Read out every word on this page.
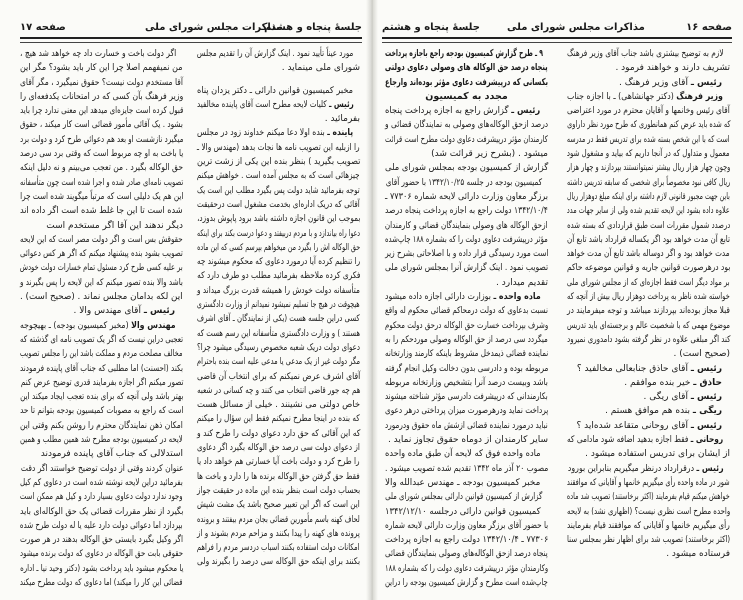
صفحه ۱۷	مذاکرات مجلس شورای ملی
جلسهٔ پنجاه و هشتم جلسهٔ پنجاه و هشتم	مذاکرات مجلس شورای ملی	صفحه ۱۶
اگر دولت باخت و خسارت داد چه خواهد شد هیچ ،
من نمیفهمم اصلا چرا این کار باید بشود؟ مگر این
آقا مستخدم دولت نیست؟ حقوق نمیگیرد ، مگر آقای
وزیر فرهنگ بآن کسی که در امتحانات یکدفعه‌ای را
قبول کرده است جایزه‌ای میدهد این معنی ندارد چرا باید
بشود . یک آقائی مأمور قضائی است کار میکند ، حقوق
میگیرد نازشست او بعد هم دعوائی طرح کرد و دولت برد
یا باخت به او چه مربوط است که وقتی برد سی درصد
حق الوکاله بگیرد . من تعجب می‌بینم و نه دلیل اینکه
تصویب نامه‌ای صادر شده و اجرا شده است چون متأسفانه
این هم یک دلیلی است که مرتباً میگویند شده است چرا
شده است تا این جا غلط شده است اگر داده اند
دیگر ندهند این آقا اگر مستخدم است
حقوقش بس است و اگر دولت مصر است که این لایحه
تصویب بشود بنده پیشنهاد میکنم که اگر هر کس دعوائی
بر علیه کسی طرح کرد مسئول تمام خسارات دولت خودش
باشد والا بنده تصور میکنم که این لایحه را پس بگیرند و
این لکه بدامان مجلس نماند . (صحیح است) .
رئیس ـ آقای مهندس والا .
مهندس والا (مخبر کمیسیون بودجه) ـ بهیچوجه
تعجبی دراین نیست که اگر یک تصویب نامه ای گذشته که
مخالف مصلحت مردم و مملکت باشد این را مجلس تصویب
بکند (احسنت) اما مطلبی که جناب آقای پاینده فرمودند
تصور میکنم اگر اجازه بفرمایند قدری توضیح عرض کنم
بهتر باشد ولی آنچه که برای بنده تعجب ایجاد میکند این
است که راجع به مصوبات کمیسیون بودجه بتوانم تا حد
امکان ذهن نمایندگان محترم را روشن بکنم وقتی این
لایحه در کمیسیون بودجه مطرح شد همین مطلب و همین
استدلالی که جناب آقای پاینده فرمودند
عنوان کردند وقتی از دولت توضیح خواستند اگر دقت
بفرمائید دراین لایحه نوشته شده است در دعاوی کم کیل
وجود ندارد دولت دعاوی بسیار دارد و کیل هم ممکن است
بگیرد از نظر مقررات قضائی یک حق الوکاله‌ای باید
بپردازد اما دعوائی دولت دارد علیه یا له دولت طرح شده
اگر وکیل بگیرد بایستی حق الوکاله بدهند در هر صورت
حقوقی بابت حق الوکاله در دعاوی که دولت برنده میشود
یا محکوم میشود باید پرداخت بشود (دکتر وحید نیا ـ اداره
قضائی این کار را میکند) اما دعاوی که دولت مطرح میکند
مورد عیناً تأیید نمود . اینک گزارش آن را تقدیم مجلس
شورای ملی مینماید .
مخبر کمیسیون قوانین دارائی ـ دکتر یزدان پناه
رئیس ـ کلیات لایحه مطرح است آقای پاینده مخالفید
بفرمائید .
پاینده ـ بنده اولا دعا میکنم خداوند زود در مجلس
را ازبلیه این تصویب نامه ها نجات بدهد (مهندس والا ـ
تصویب بگیرید ) بنظر بنده این یکی از زشت ترین
چیزهائی است که به مجلس آمده است . خواهش میکنم
توجه بفرمائید شاید دولت پس بگیرد مطلب این است یک
آقائی که دریک اداره‌ای بخدمت مشغول است درحقیقت
بموجب این قانون اجازه داشته باشد برود پاپوش بدوزد،
دعوا راه بیاندازد و با مردم دربیفتد و دعوا درست بکند برای اینکه
حق الوکاله اش را بگیرد من میخواهم بپرسم کسی که این ماده
را تنظیم کرده آیا درمورد دعاوی که محکوم میشوند چه
فکری کرده ملاحظه بفرمائید مطلب دو طرف دارد که
متأسفانه دولت خودش را همیشه قدرت بزرگ میداند و
هیچوقت در هیچ جا تسلیم نمیشود نمیدانم از وزارت دادگستری
کسی دراین جلسه هست (یکی از نمایندگان ـ آقای اشرف
هستند ) و وزارت دادگستری متأسفانه این رسم هست که
دعوای دولت دریک شعبه مخصوص رسیدگی میشود چرا؟
مگر دولت غیر از یک مدعی یا مدعی علیه است بنده باحترام
آقای اشرف عرض نمیکنم که برای انتخاب آن قاضی
هم چه جور قاضی انتخاب می کنند و چه کسانی در شعبه
خاص دولتی می نشینند . خیلی از مسائل هست
که بنده در اینجا مطرح نمیکنم فقط این سؤال را میکنم
که این آقائی که حق دارد دعوای دولت را طرح کند و
از دعوای دولت سی درصد حق الوکاله بگیرد اگر دعاوی
را طرح کرد و دولت باخت آیا خسارتی هم خواهد داد یا
فقط حق گرفتن حق الوکاله برنده ها را دارد و باخت ها
بحساب دولت است بنظر بنده این ماده در حقیقت جواز
این است که اگر این تعبیر صحیح باشد یک مشت شپش
لحاف کهنه باسم مأمورین قضائی بجان مردم بیفتند و برونده
پرونده های کهنه را پیدا بکنند و مزاحم مردم بشوند و از
امکانات دولت استفاده بکنند اسباب دردسر مردم را فراهم
بکنند برای اینکه حق الوکاله سی درصد را بگیرند ولی
۹ ـ طرح گزارش کمیسیون بودجه راجع باجازه پرداخت
پنجاه درصد حق الوکاله های وصولی دعاوی دولتی
بکسانی که درپیشرفت دعاوی مؤثر بوده‌اند وارجاع
مجدد به کمیسیون
رئیس ـ گزارش راجع به اجازه پرداخت پنجاه
درصد ازحق الوکاله‌های وصولی به نمایندگان قضائی و
کارمندان مؤثر درپیشرفت دعاوی دولت مطرح است قرائت
میشود . (بشرح زیر قرائت شد)
گزارش از کمیسیون بودجه بمجلس شورای ملی
کمیسیون بودجه در جلسه ۱۳۴۲/۱۰/۲۵ با حضور آقای
برزگر معاون وزارت دارائی لایحه شماره ۷۷۳۰۶ ـ
۱۳۴۲/۱۰/۴ دولت راجع به اجازه پرداخت پنجاه درصد
ازحق الوکاله های وصولی بنمایندگان قضائی و کارمندان
مؤثر درپیشرفت دعاوی دولت را که بشماره ۱۸۸ چاپ‌شده
است مورد رسیدگی قرار داده و با اصلاحاتی بشرح زیر
تصویب نمود . اینک گزارش آنرا بمجلس شورای ملی
تقدیم میدارد .
ماده واحده ـ بوزارت دارائی اجازه داده میشود
نسبت بدعاوی که دولت درمحاکم قضائی محکوم له واقع
وشرف بپرداخت خسارت حق الوکاله درحق دولت محکوم
میگردد سی درصد از حق الوکاله وصولی موردحکم را به
نماینده قضائی ذیمدخل مشروط باینکه کارمند وزارتخانه
مربوطه بوده و دادرسی بدون دخالت وکیل انجام گرفته
باشد وبیست درصد آنرا بتشخیص وزارتخانه مربوطه
بکارمندانی که درپیشرفت دادرسی مؤثر شناخته میشوند
پرداخت نماید ودرهرصورت میزان پرداختی درهر دعوی
نباید درمورد نماینده قضائی ازشش ماه حقوق ودرمورد
سایر کارمندان از دوماه حقوق تجاوز نماید .
ماده واحده فوق که لایحه آن طبق ماده واحده
مصوب ۲۰ آذر ماه ۱۳۴۲ تقدیم شده تصویب میشود .
مخبر کمیسیون بودجه ـ مهندس عبدالله والا
گزارش از کمیسیون قوانین دارائی بمجلس شورای ملی
کمیسیون قوانین دارائی درجلسه ۱۳۴۲/۱۲/۱۰
با حضور آقای برزگر معاون وزارت دارائی لایحه شماره
۷۷۳۰۶ ـ ۱۳۴۲/۱۰/۴ دولت راجع به اجازه پرداخت
پنجاه درصد ازحق الوکاله‌های وصولی بنمایندگان قضائی
وکارمندان مؤثر درپیشرفت دعاوی دولت را که بشماره ۱۸۸
چاپ‌شده است مطرح و گزارش کمیسیون بودجه را دراین
لازم به توضیح بیشتری باشد جناب آقای وزیر فرهنگ
تشریف دارند و خواهند فرمود .
رئیس ـ آقای وزیر فرهنگ .
وزیر فرهنگ (دکتر جهانشاهی) ـ با اجازه جناب
آقای رئیس وخانمها و آقایان محترم در مورد اعتراضی
که شده باید عرض کنم همانطوری که طرح مورد نظر داراوی
است که با این شخص بسته شده برای تدریس فقط در مدرسه
معمول و متداول که در آنجا داریم که بیاید و مشغول شود
وچون چهار هزار ریال بیشتر نمیتوانستند بپردازند و چهار هزار
ریال کافی نبود مخصوصاً برای شخصی که سابقه تدریس داشته
باین جهت مجبور قانونی لازم داشته برای اینکه مبلغ دوهزار ریال
علاوه داده بشود این لایحه تقدیم شده ولی از سایر جهات مدد
درصدد شمول مقررات است طبق قراردادی که بسته شده
تابع آن مدت خواهد بود اگر یکساله قرارداد باشد تابع آن
مدت خواهد بود و اگر دوساله باشد تابع آن مدت خواهد
بود درهرصورت قوانین جاریه و قوانین موضوعه حاکم
بر مواد دیگر است فقط اجازه‌ای که از مجلس شورای ملی
خواسته شده ناظر به پرداخت دوهزار ریال بیش از آنچه که
قبلا مجاز بوده‌اند بپردازند میباشد و توجه میفرمایند در
موضوع مهمی که با شخصیت عالم و برجسته‌ای باید تدریس
کند اگر مبلغی علاوه در نظر گرفته بشود دامدوری نمیرود
(صحیح است) .
رئیس ـ آقای حاذق جنابعالی مخالفید ؟
حاذق ـ خیر بنده موافقم .
رئیس ـ آقای ریگی .
ریگی ـ بنده هم موافق هستم .
رئیس ـ آقای روحانی متقاعد شده‌اید ؟
روحانی ـ فقط اجازه بدهید اضافه شود مادامی که
از ایشان برای تدریس استفاده میشود .
رئیس ـ درقرارداد درنظر میگیریم بنابراین بورود
شور در ماده واحده رأی میگیریم خانمها و آقایانی که موافقند
خواهش میکنم قیام بفرمایند (اکثر برخاستند) تصویب شد ماده
واحده مطرح است نظری نیست؟ (اظهاری نشد) به لایحه
رأی میگیریم خانمها و آقایانی که موافقند قیام بفرمایند
(اکثر برخاستند) تصویب شد برای اظهار نظر بمجلس سنا
فرستاده میشود .
